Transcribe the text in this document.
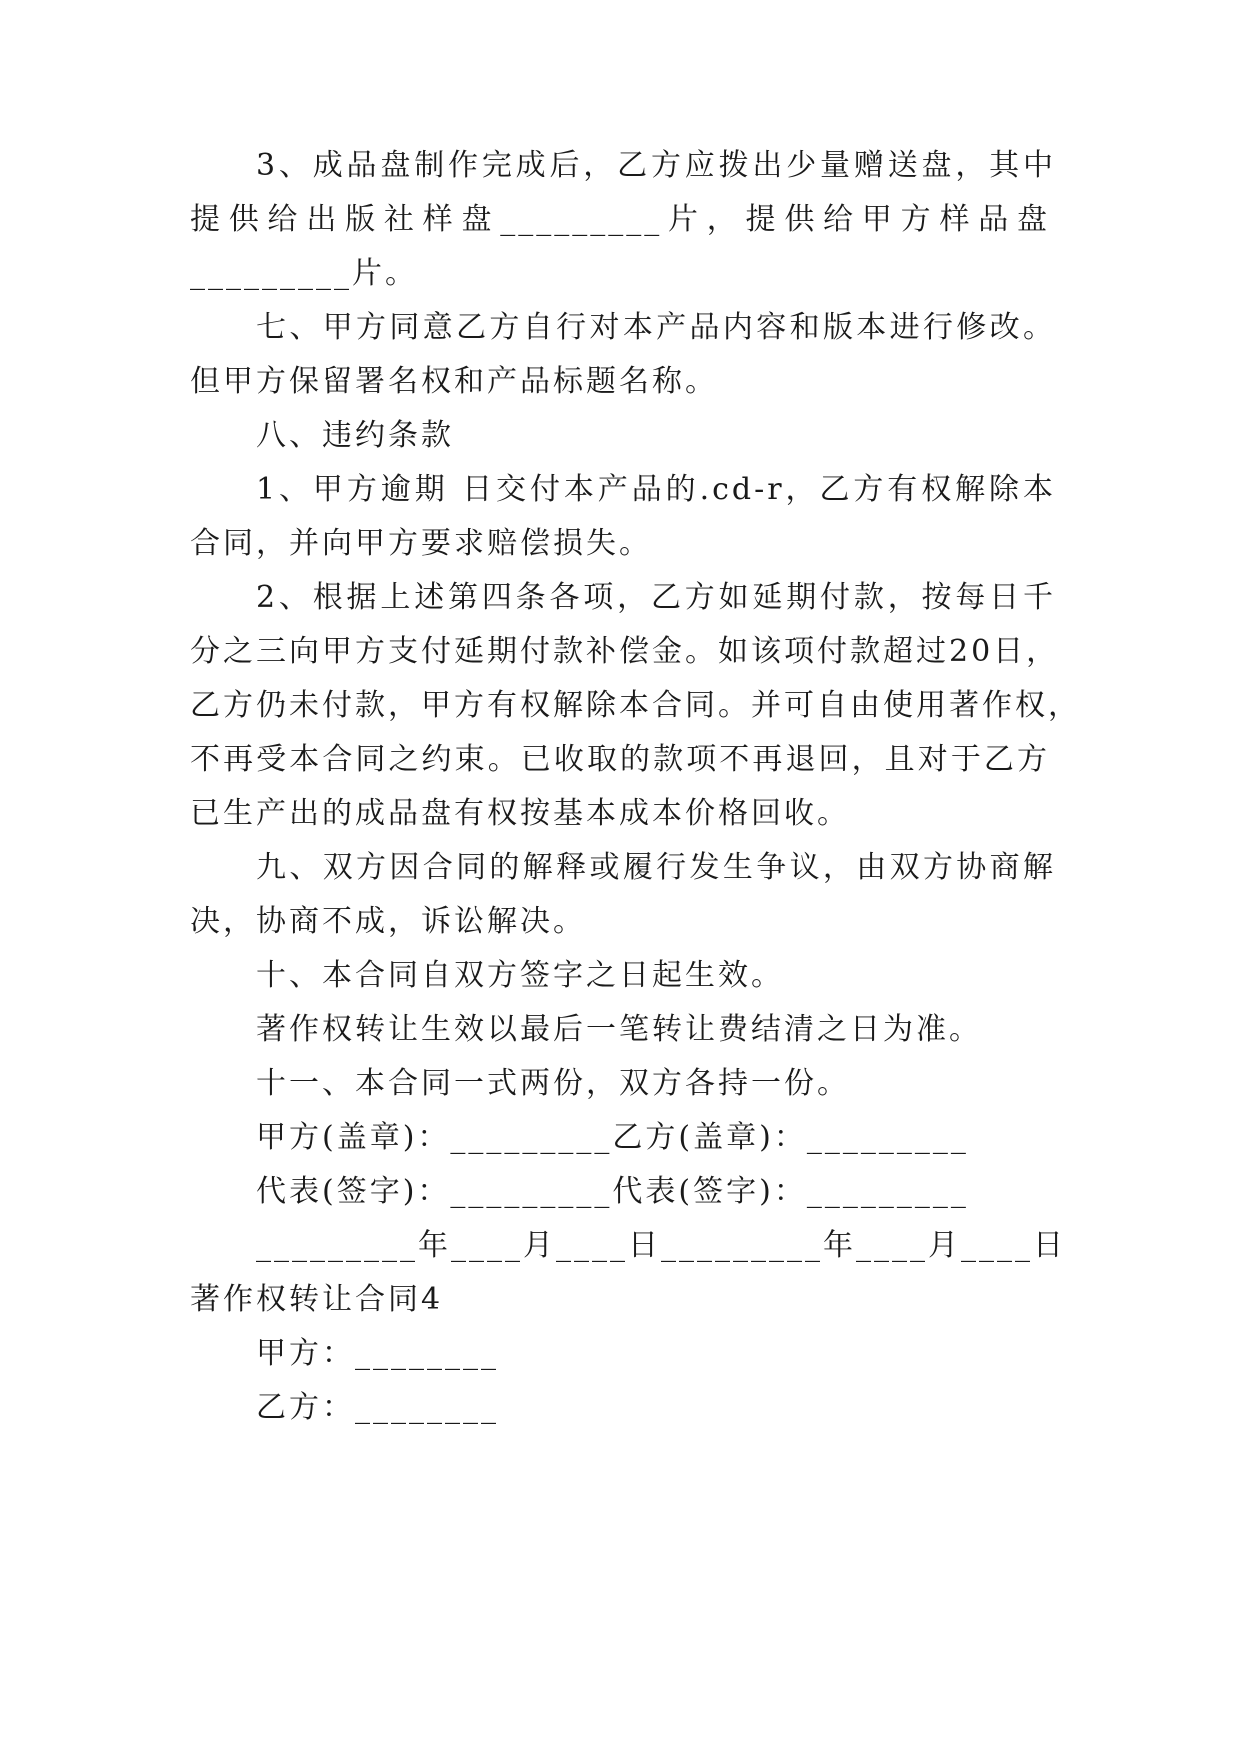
3、成品盘制作完成后，乙方应拨出少量赠送盘，其中
提供给出版社样盘_________片，提供给甲方样品盘
_________片。
七、甲方同意乙方自行对本产品内容和版本进行修改。
但甲方保留署名权和产品标题名称。
八、违约条款
1、甲方逾期 日交付本产品的.cd-r，乙方有权解除本
合同，并向甲方要求赔偿损失。
2、根据上述第四条各项，乙方如延期付款，按每日千
分之三向甲方支付延期付款补偿金。如该项付款超过20日，
乙方仍未付款，甲方有权解除本合同。并可自由使用著作权，
不再受本合同之约束。已收取的款项不再退回，且对于乙方
已生产出的成品盘有权按基本成本价格回收。
九、双方因合同的解释或履行发生争议，由双方协商解
决，协商不成，诉讼解决。
十、本合同自双方签字之日起生效。
著作权转让生效以最后一笔转让费结清之日为准。
十一、本合同一式两份，双方各持一份。
甲方(盖章)：_________乙方(盖章)：_________
代表(签字)：_________代表(签字)：_________
_________年____月____日_________年____月____日
著作权转让合同4
甲方：________
乙方：________
